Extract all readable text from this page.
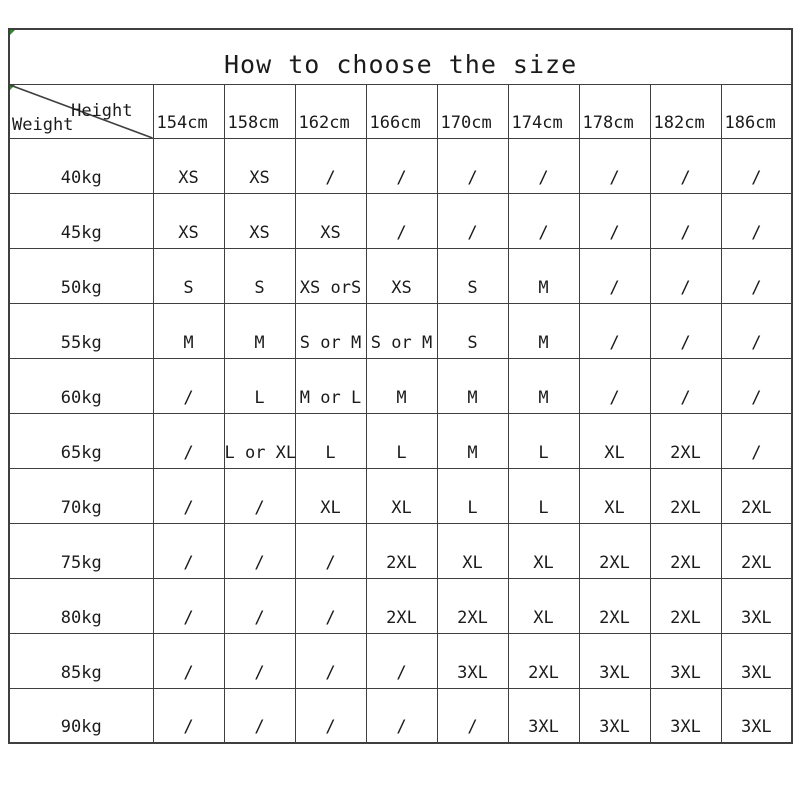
How to choose the size									

Height
Weight	154cm	158cm	162cm	166cm	170cm	174cm	178cm	182cm	186cm
40kg	XS	XS	/	/	/	/	/	/	/
45kg	XS	XS	XS	/	/	/	/	/	/
50kg	S	S	XS orS	XS	S	M	/	/	/
55kg	M	M	S or M	S or M	S	M	/	/	/
60kg	/	L	M or L	M	M	M	/	/	/
65kg	/	L or XL	L	L	M	L	XL	2XL	/
70kg	/	/	XL	XL	L	L	XL	2XL	2XL
75kg	/	/	/	2XL	XL	XL	2XL	2XL	2XL
80kg	/	/	/	2XL	2XL	XL	2XL	2XL	3XL
85kg	/	/	/	/	3XL	2XL	3XL	3XL	3XL
90kg	/	/	/	/	/	3XL	3XL	3XL	3XL
